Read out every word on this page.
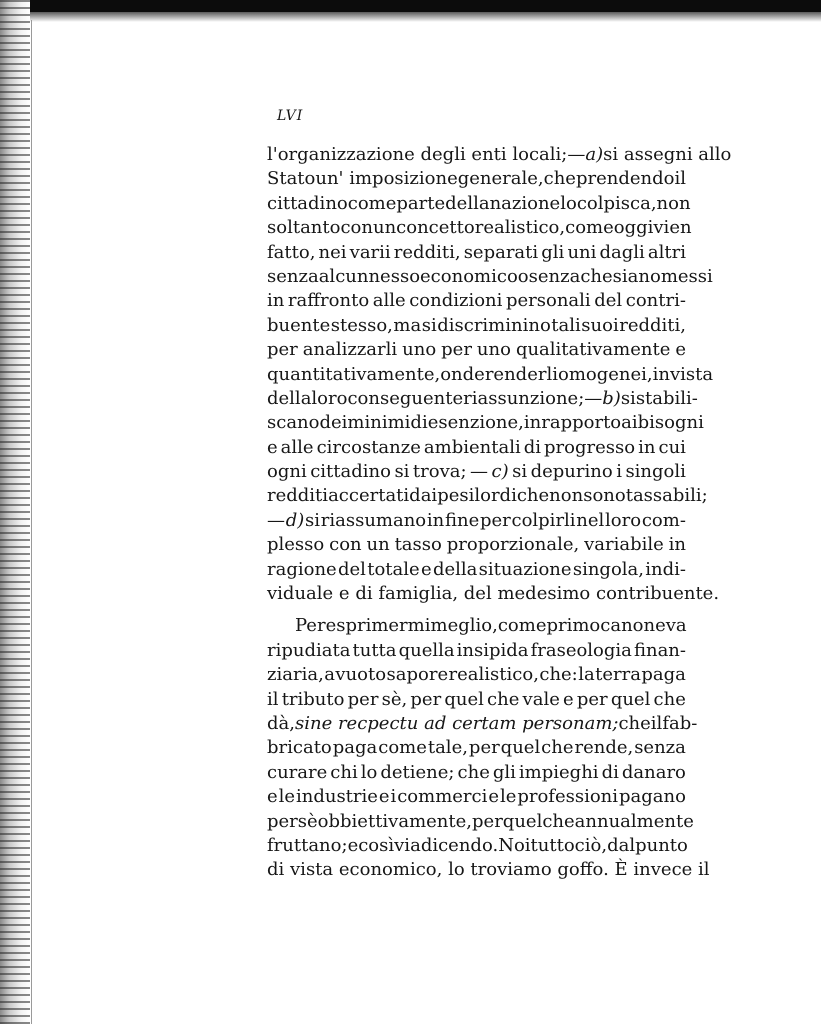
LVI
l'organizzazione degli enti locali; — a) si assegni allo
Stato un' imposizione generale, che prendendo il
cittadino come parte della nazione lo colpisca, non
soltanto con un concetto realistico, come oggi vien
fatto, nei varii redditi, separati gli uni dagli altri
senza alcun nesso economico o senza che siano messi
in raffronto alle condizioni personali del contri-
buente stesso, ma si discriminino tali suoi redditi,
per analizzarli uno per uno qualitativamente e
quantitativamente, onde renderli omogenei, in vista
della loro conseguente riassunzione; — b) si stabili-
scano dei minimi di esenzione, in rapporto ai bisogni
e alle circostanze ambientali di progresso in cui
ogni cittadino si trova; — c) si depurino i singoli
redditi accertati dai pesi lordi che non sono tassabili;
— d) si riassumano in fine per colpirli nel loro com-
plesso con un tasso proporzionale, variabile in
ragione del totale e della situazione singola, indi-
viduale
e
di
famiglia,
del
medesimo
contribuente.
Per esprimermi meglio, come primo canone va
ripudiata tutta quella insipida fraseologia finan-
ziaria, a vuoto sapore realistico, che: la terra paga
il tributo per sè, per quel che vale e per quel che
dà, sine recpectu ad certam personam; che il fab-
bricato paga come tale, per quel che rende, senza
curare chi lo detiene; che gli impieghi di danaro
e le industrie e i commerci e le professioni pagano
per sè obbiettivamente, per quel che annualmente
fruttano; e così via dicendo. Noi tutto ciò, dal punto
di
vista
economico,
lo
troviamo
goffo.
È
invece
il
